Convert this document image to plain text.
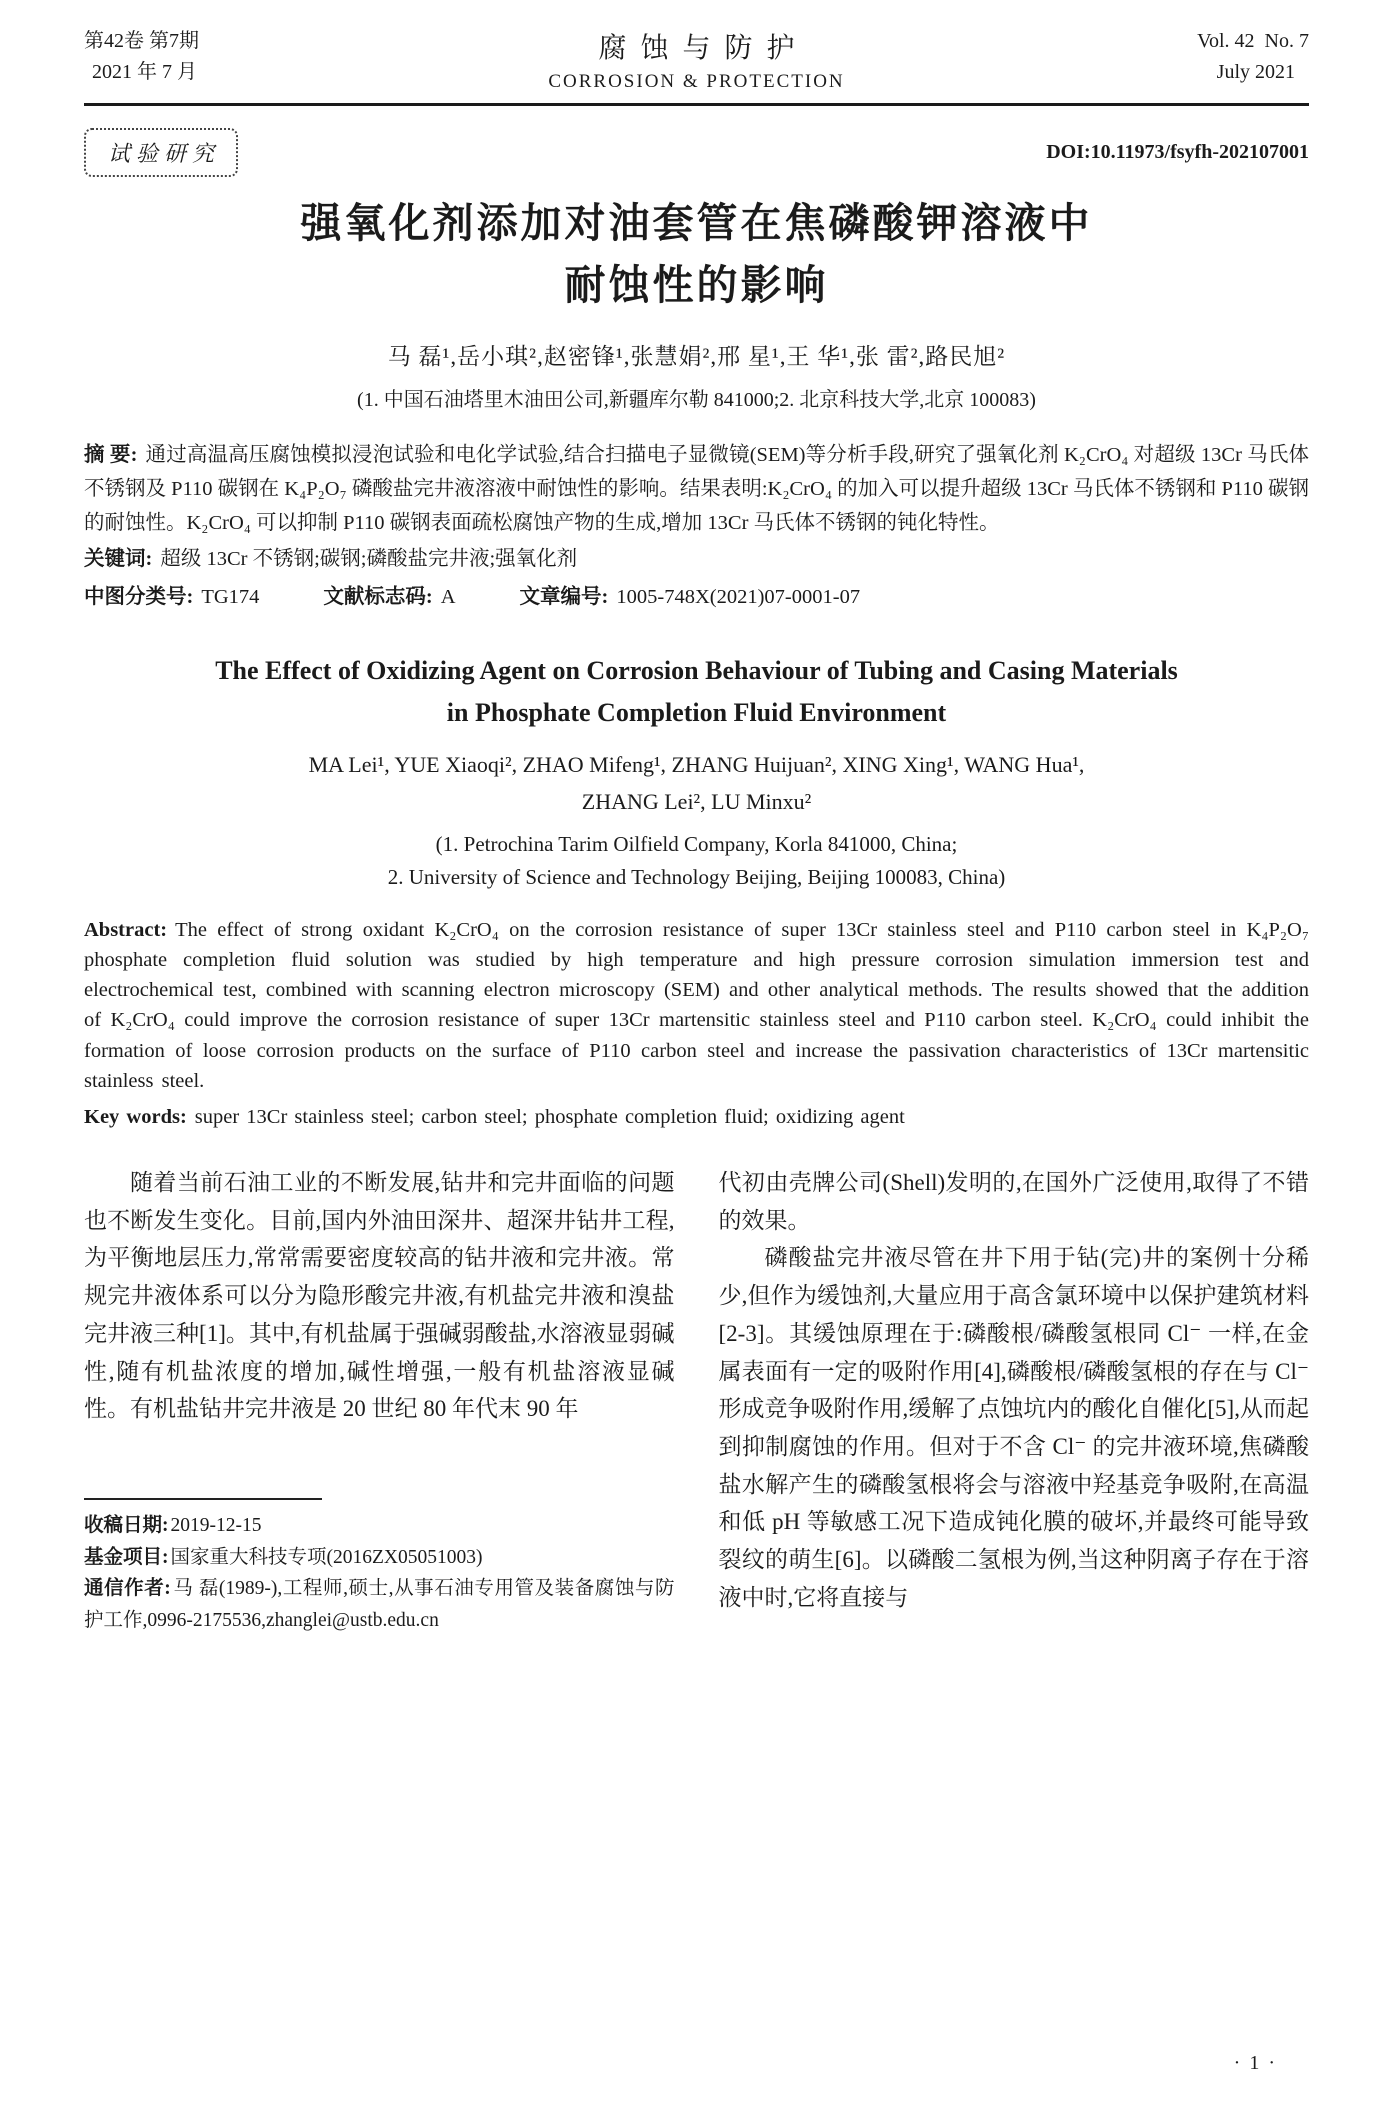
第42卷 第7期
2021 年 7 月
腐蚀与防护
CORROSION & PROTECTION
Vol. 42  No. 7
July 2021
试验研究	DOI:10.11973/fsyfh-202107001
强氧化剂添加对油套管在焦磷酸钾溶液中
耐蚀性的影响
马 磊¹,岳小琪²,赵密锋¹,张慧娟²,邢 星¹,王 华¹,张 雷²,路民旭²
(1. 中国石油塔里木油田公司,新疆库尔勒 841000;2. 北京科技大学,北京 100083)

摘 要: 通过高温高压腐蚀模拟浸泡试验和电化学试验,结合扫描电子显微镜(SEM)等分析手段,研究了强氧化剂 K₂CrO₄ 对超级 13Cr 马氏体不锈钢及 P110 碳钢在 K₄P₂O₇ 磷酸盐完井液溶液中耐蚀性的影响。结果表明:K₂CrO₄ 的加入可以提升超级 13Cr 马氏体不锈钢和 P110 碳钢的耐蚀性。K₂CrO₄ 可以抑制 P110 碳钢表面疏松腐蚀产物的生成,增加 13Cr 马氏体不锈钢的钝化特性。

关键词: 超级 13Cr 不锈钢;碳钢;磷酸盐完井液;强氧化剂

中图分类号: TG174	文献标志码: A	文章编号: 1005-748X(2021)07-0001-07
The Effect of Oxidizing Agent on Corrosion Behaviour of Tubing and Casing Materials
in Phosphate Completion Fluid Environment
MA Lei¹, YUE Xiaoqi², ZHAO Mifeng¹, ZHANG Huijuan², XING Xing¹, WANG Hua¹,
ZHANG Lei², LU Minxu²
(1. Petrochina Tarim Oilfield Company, Korla 841000, China;
2. University of Science and Technology Beijing, Beijing 100083, China)

Abstract: The effect of strong oxidant K₂CrO₄ on the corrosion resistance of super 13Cr stainless steel and P110 carbon steel in K₄P₂O₇ phosphate completion fluid solution was studied by high temperature and high pressure corrosion simulation immersion test and electrochemical test, combined with scanning electron microscopy (SEM) and other analytical methods. The results showed that the addition of K₂CrO₄ could improve the corrosion resistance of super 13Cr martensitic stainless steel and P110 carbon steel. K₂CrO₄ could inhibit the formation of loose corrosion products on the surface of P110 carbon steel and increase the passivation characteristics of 13Cr martensitic stainless steel.

Key words: super 13Cr stainless steel; carbon steel; phosphate completion fluid; oxidizing agent

随着当前石油工业的不断发展,钻井和完井面临的问题也不断发生变化。目前,国内外油田深井、超深井钻井工程,为平衡地层压力,常常需要密度较高的钻井液和完井液。常规完井液体系可以分为隐形酸完井液,有机盐完井液和溴盐完井液三种[1]。其中,有机盐属于强碱弱酸盐,水溶液显弱碱性,随有机盐浓度的增加,碱性增强,一般有机盐溶液显碱性。有机盐钻井完井液是 20 世纪 80 年代末 90 年

收稿日期: 2019-12-15
基金项目: 国家重大科技专项(2016ZX05051003)
通信作者: 马 磊(1989-),工程师,硕士,从事石油专用管及装备腐蚀与防护工作,0996-2175536,zhanglei@ustb.edu.cn

代初由壳牌公司(Shell)发明的,在国外广泛使用,取得了不错的效果。

磷酸盐完井液尽管在井下用于钻(完)井的案例十分稀少,但作为缓蚀剂,大量应用于高含氯环境中以保护建筑材料[2-3]。其缓蚀原理在于:磷酸根/磷酸氢根同 Cl⁻ 一样,在金属表面有一定的吸附作用[4],磷酸根/磷酸氢根的存在与 Cl⁻ 形成竞争吸附作用,缓解了点蚀坑内的酸化自催化[5],从而起到抑制腐蚀的作用。但对于不含 Cl⁻ 的完井液环境,焦磷酸盐水解产生的磷酸氢根将会与溶液中羟基竞争吸附,在高温和低 pH 等敏感工况下造成钝化膜的破坏,并最终可能导致裂纹的萌生[6]。以磷酸二氢根为例,当这种阴离子存在于溶液中时,它将直接与

· 1 ·
